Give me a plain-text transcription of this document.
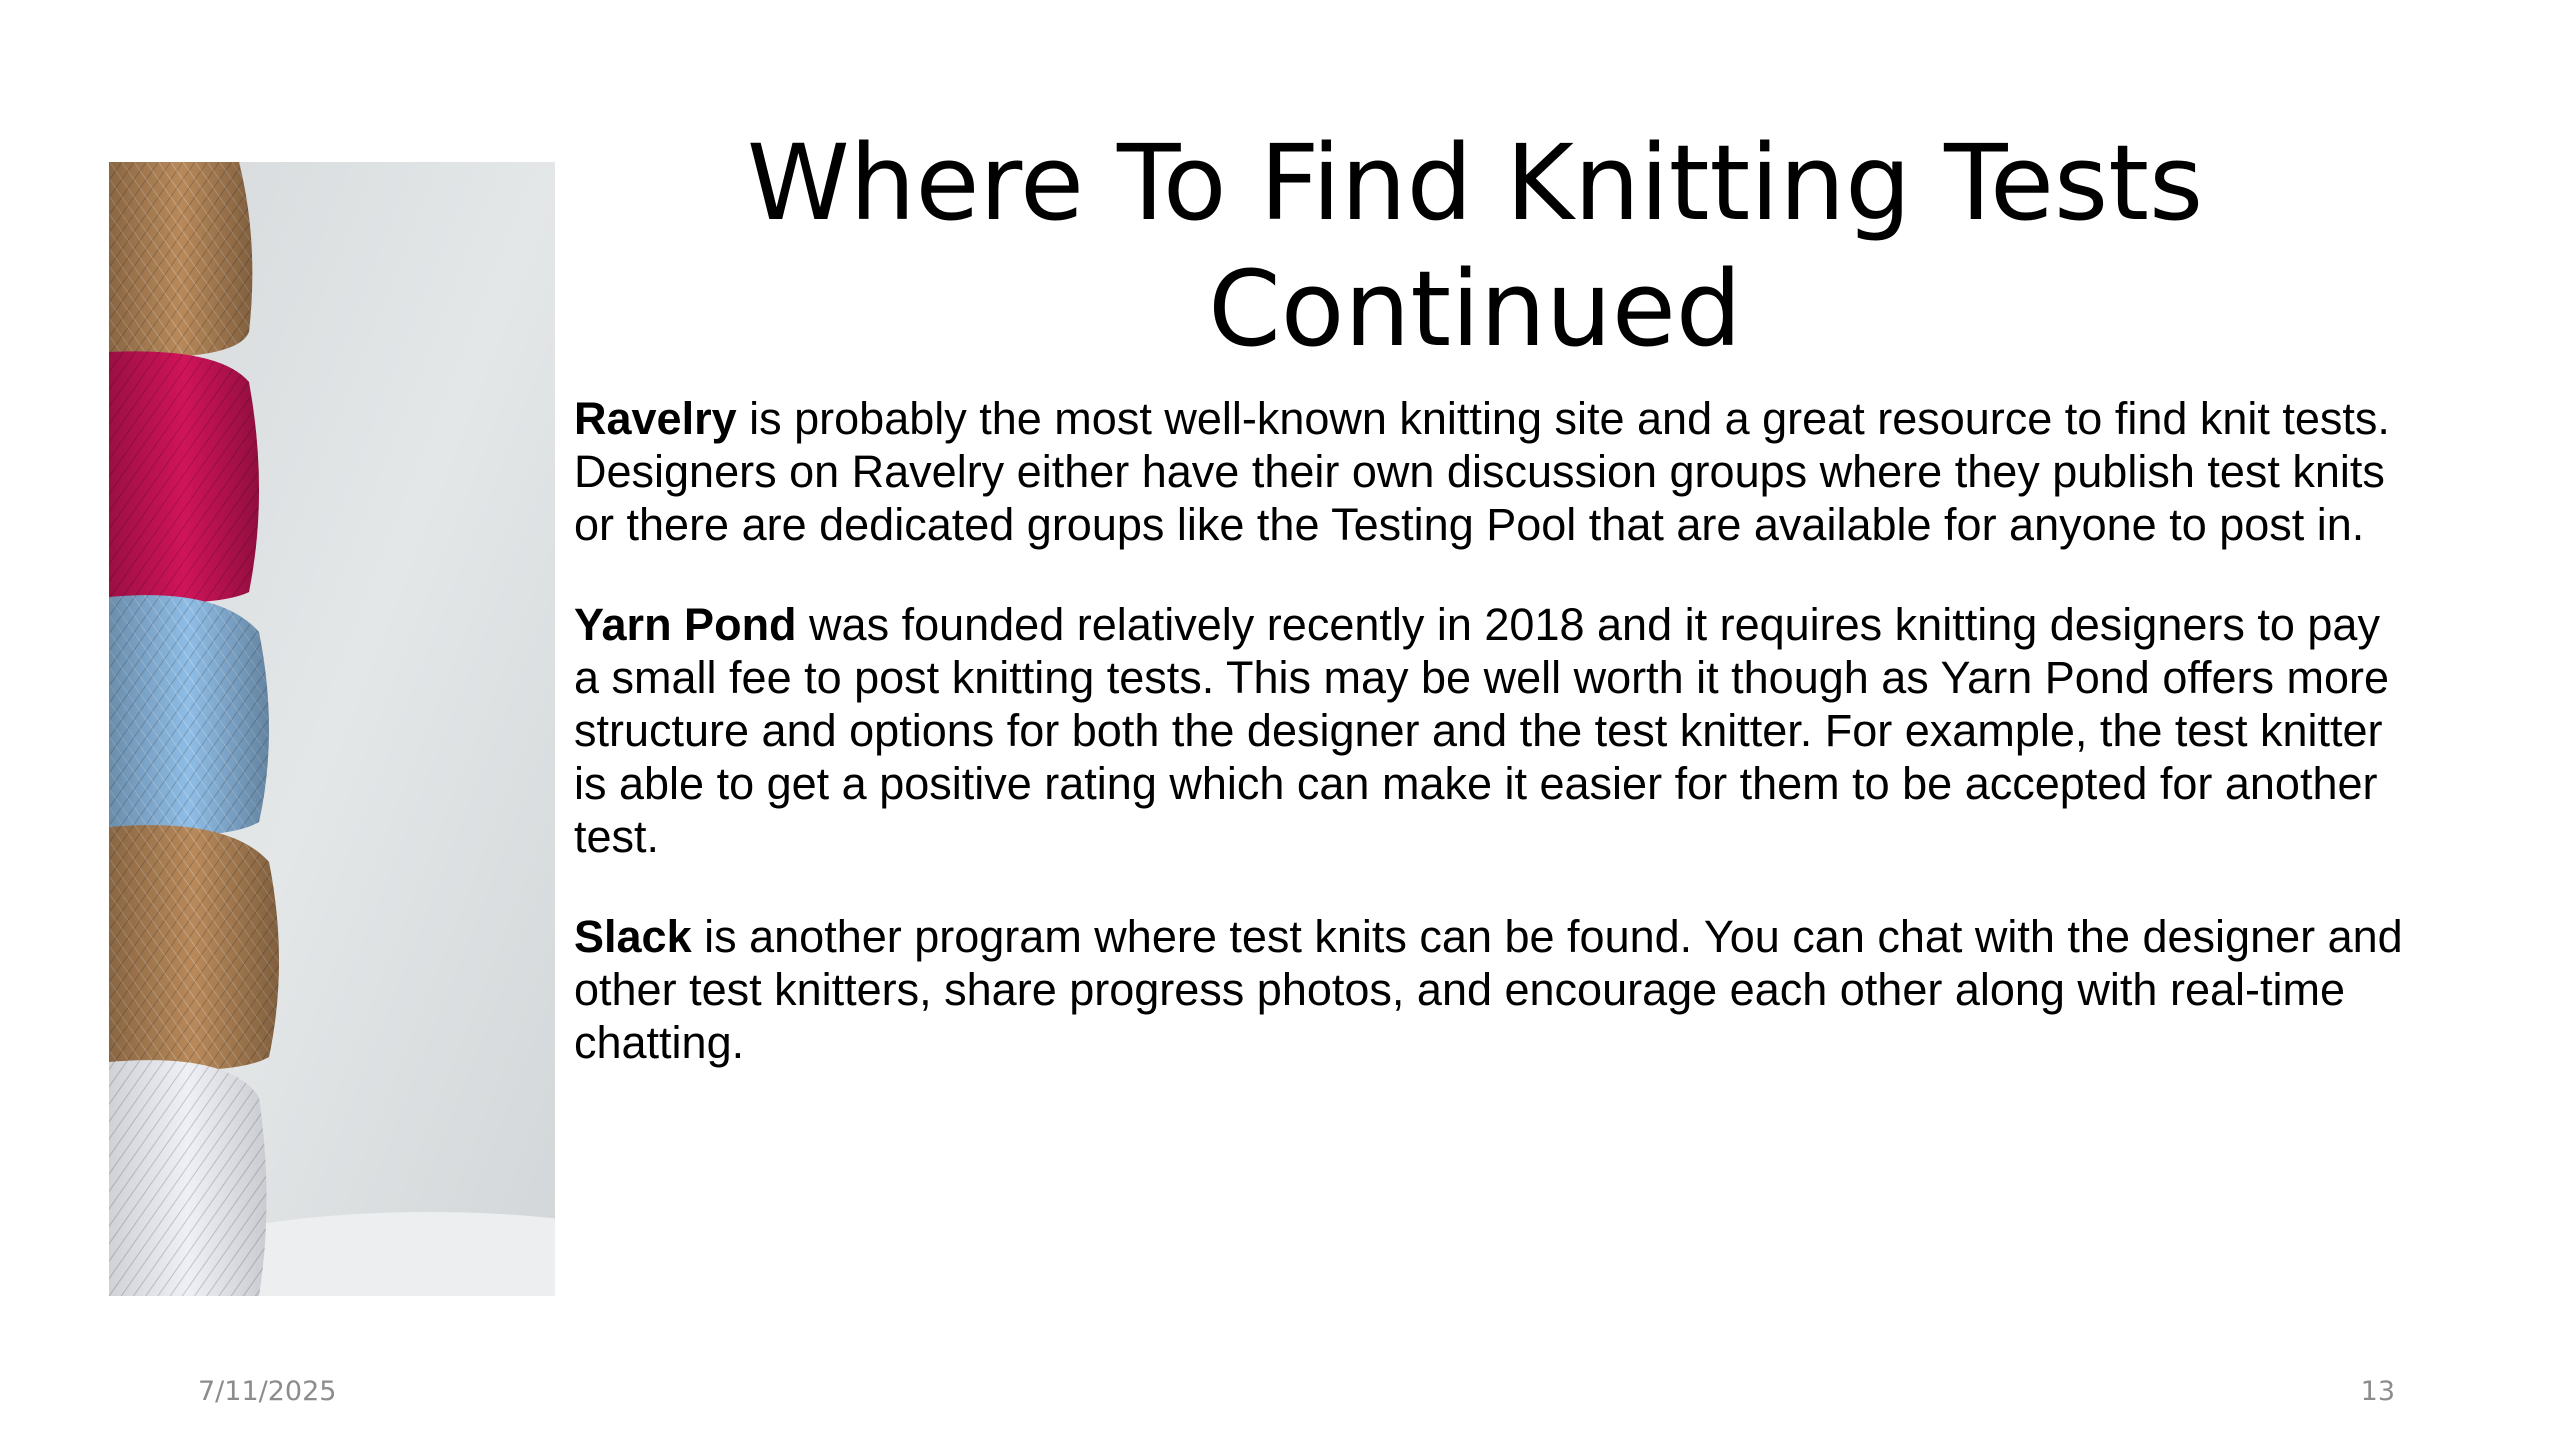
Where To Find Knitting Tests
Continued

Ravelry is probably the most well-known knitting site and a great resource to find knit tests. Designers on Ravelry either have their own discussion groups where they publish test knits or there are dedicated groups like the Testing Pool that are available for anyone to post in.

Yarn Pond was founded relatively recently in 2018 and it requires knitting designers to pay a small fee to post knitting tests. This may be well worth it though as Yarn Pond offers more structure and options for both the designer and the test knitter. For example, the test knitter is able to get a positive rating which can make it easier for them to be accepted for another test.

Slack is another program where test knits can be found. You can chat with the designer and other test knitters, share progress photos, and encourage each other along with real-time chatting.

7/11/2025	13
